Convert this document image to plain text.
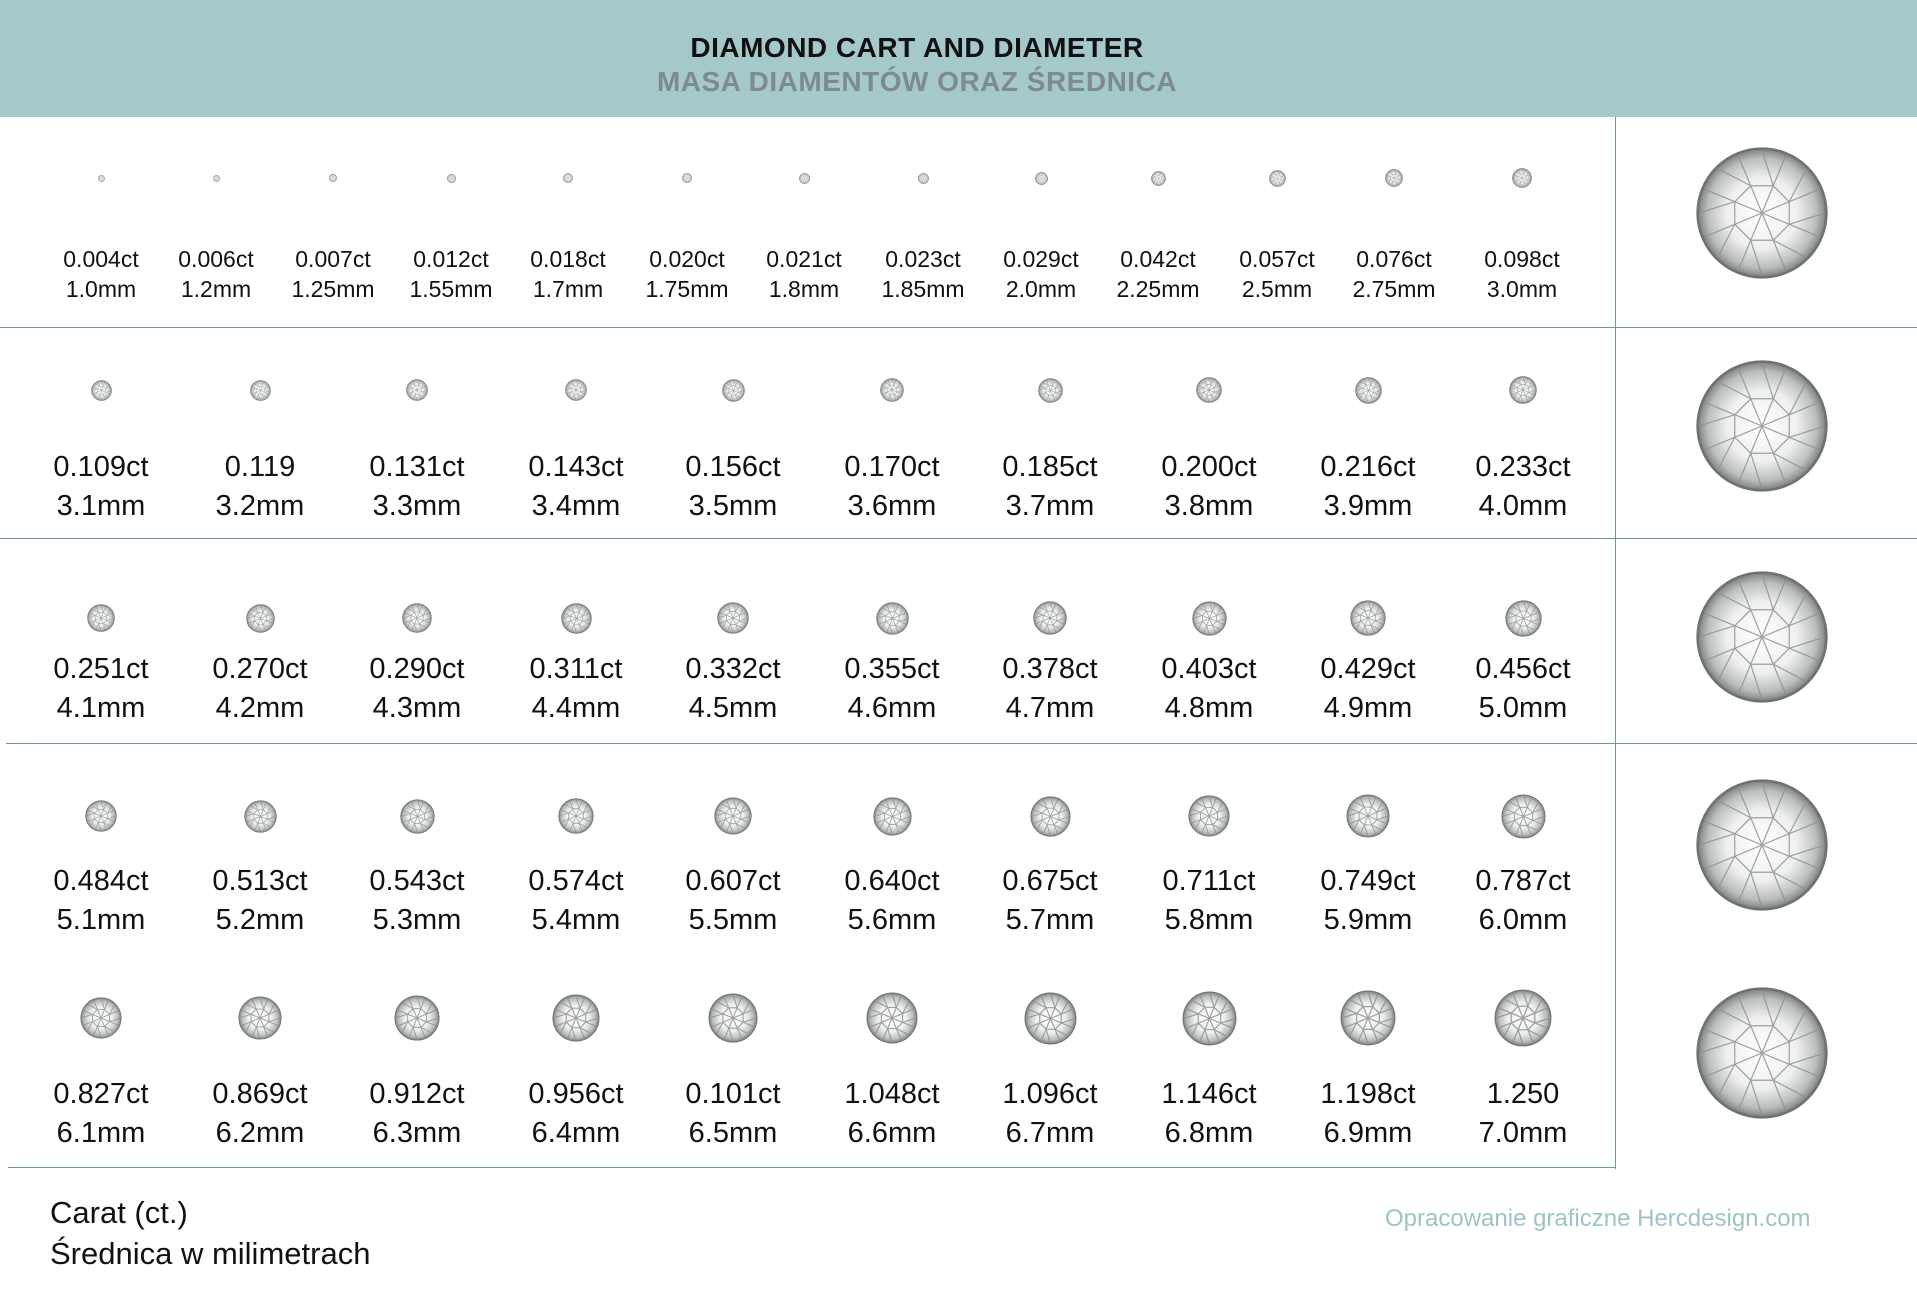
DIAMOND CART AND DIAMETER
MASA DIAMENTÓW ORAZ ŚREDNICA
0.004ct
1.0mm
0.006ct
1.2mm
0.007ct
1.25mm
0.012ct
1.55mm
0.018ct
1.7mm
0.020ct
1.75mm
0.021ct
1.8mm
0.023ct
1.85mm
0.029ct
2.0mm
0.042ct
2.25mm
0.057ct
2.5mm
0.076ct
2.75mm
0.098ct
3.0mm
0.109ct
3.1mm
0.119
3.2mm
0.131ct
3.3mm
0.143ct
3.4mm
0.156ct
3.5mm
0.170ct
3.6mm
0.185ct
3.7mm
0.200ct
3.8mm
0.216ct
3.9mm
0.233ct
4.0mm
0.251ct
4.1mm
0.270ct
4.2mm
0.290ct
4.3mm
0.311ct
4.4mm
0.332ct
4.5mm
0.355ct
4.6mm
0.378ct
4.7mm
0.403ct
4.8mm
0.429ct
4.9mm
0.456ct
5.0mm
0.484ct
5.1mm
0.513ct
5.2mm
0.543ct
5.3mm
0.574ct
5.4mm
0.607ct
5.5mm
0.640ct
5.6mm
0.675ct
5.7mm
0.711ct
5.8mm
0.749ct
5.9mm
0.787ct
6.0mm
0.827ct
6.1mm
0.869ct
6.2mm
0.912ct
6.3mm
0.956ct
6.4mm
0.101ct
6.5mm
1.048ct
6.6mm
1.096ct
6.7mm
1.146ct
6.8mm
1.198ct
6.9mm
1.250
7.0mm
Carat (ct.)
Średnica w milimetrach
Opracowanie graficzne Hercdesign.com
